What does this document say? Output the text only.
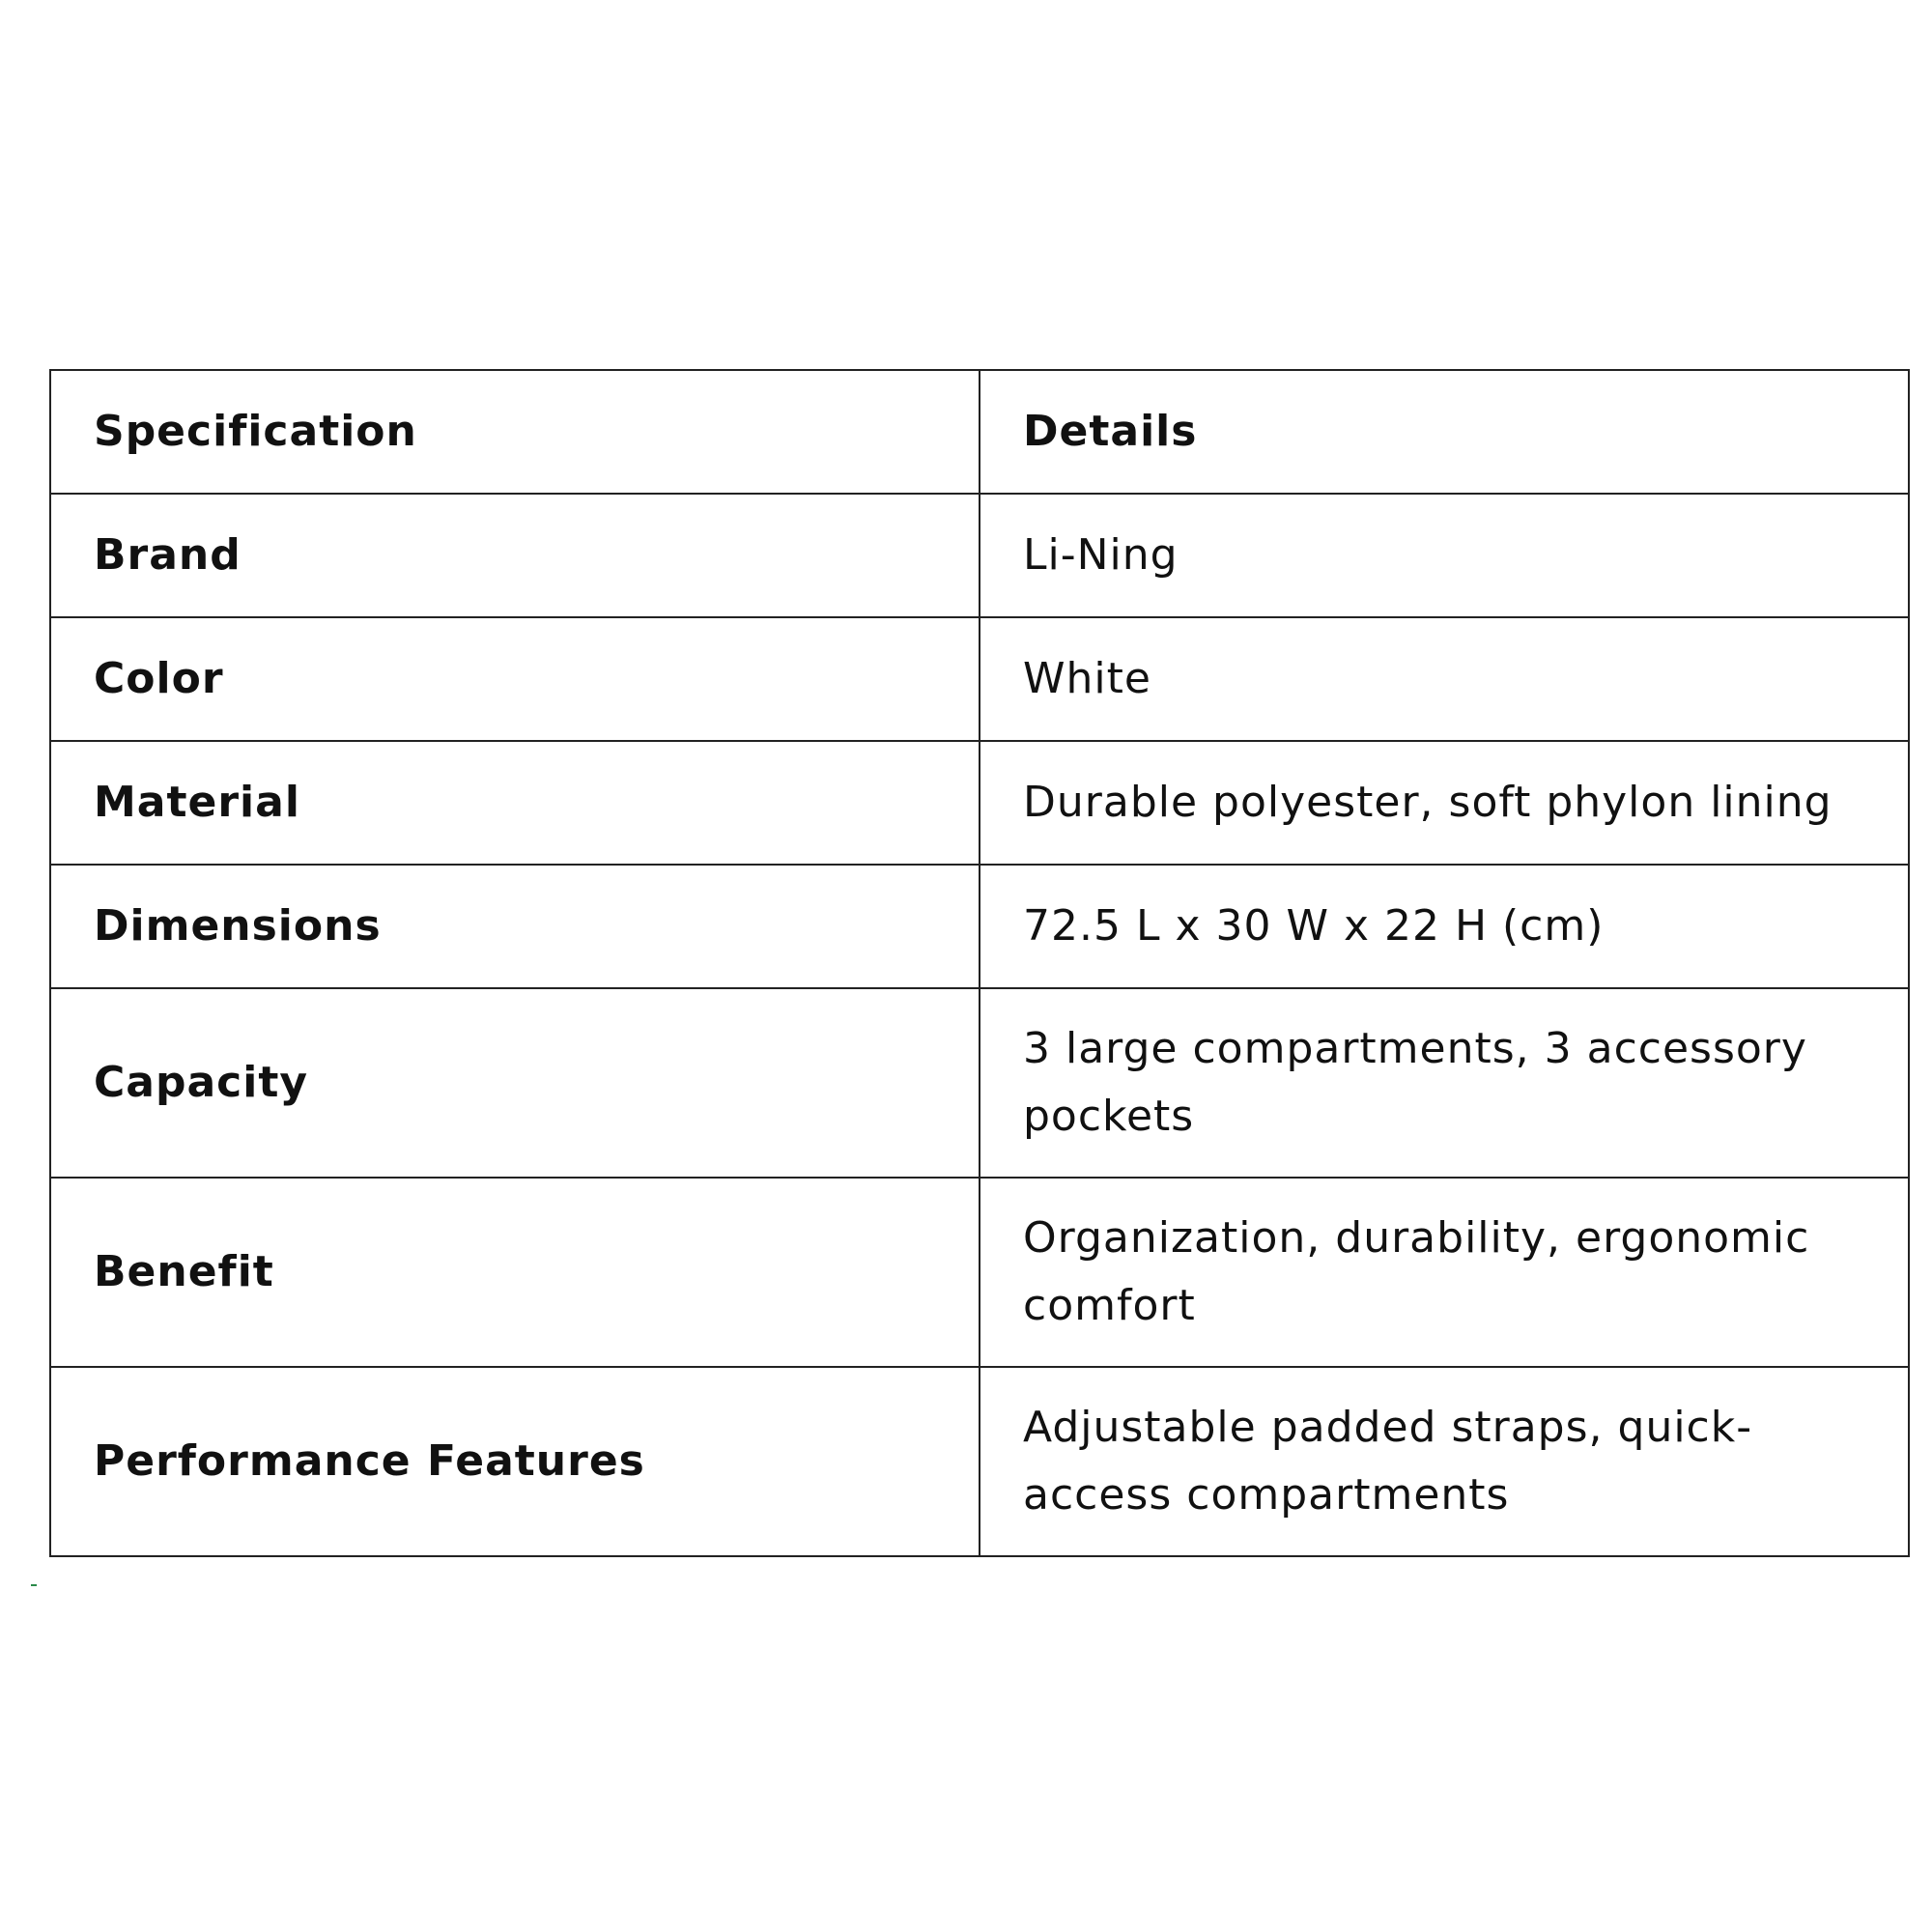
Specification	Details
Brand	Li-Ning
Color	White
Material	Durable polyester, soft phylon lining
Dimensions	72.5 L x 30 W x 22 H (cm)
Capacity	3 large compartments, 3 accessory pockets
Benefit	Organization, durability, ergonomic comfort
Performance Features	Adjustable padded straps, quick-access compartments
